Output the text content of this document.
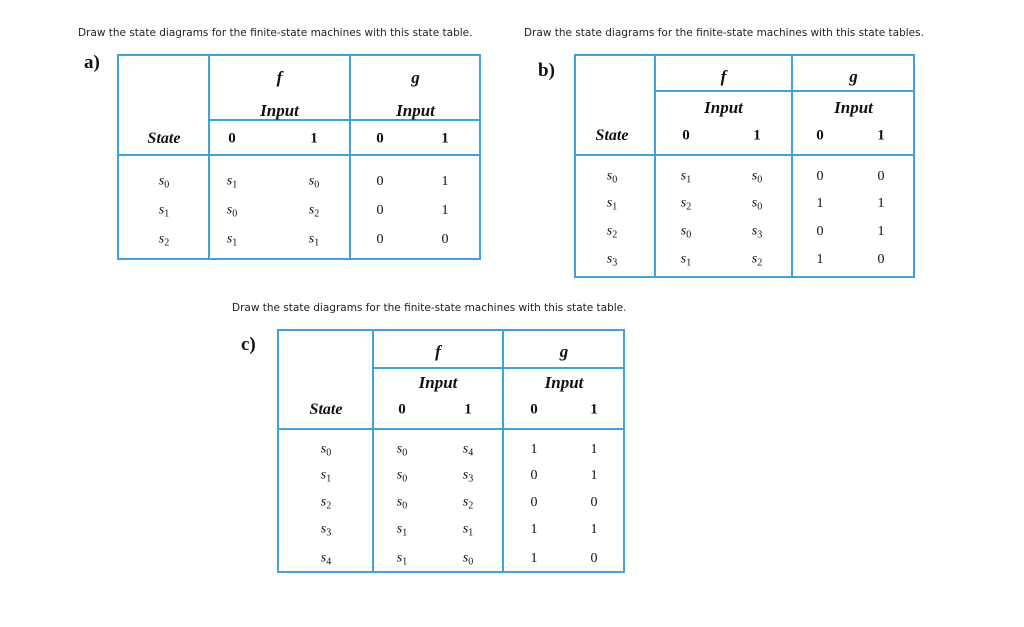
Draw the state diagrams for the finite-state machines with this state table.	Draw the state diagrams for the finite-state machines with this state tables.
Draw the state diagrams for the finite-state machines with this state table.
a)	b)
c)
f	g
Input	Input
State	0	1	0	1
$s_0$	$s_1$	$s_0$	0	1
$s_1$	$s_0$	$s_2$	0	1
$s_2$	$s_1$	$s_1$	0	0
f	g
Input	Input
State	0	1	0	1
$s_0$	$s_1$	$s_0$	0	0
$s_1$	$s_2$	$s_0$	1	1
$s_2$	$s_0$	$s_3$	0	1
$s_3$	$s_1$	$s_2$	1	0
f	g
Input	Input
State	0	1	0	1
$s_0$	$s_0$	$s_4$	1	1
$s_1$	$s_0$	$s_3$	0	1
$s_2$	$s_0$	$s_2$	0	0
$s_3$	$s_1$	$s_1$	1	1
$s_4$	$s_1$	$s_0$	1	0
